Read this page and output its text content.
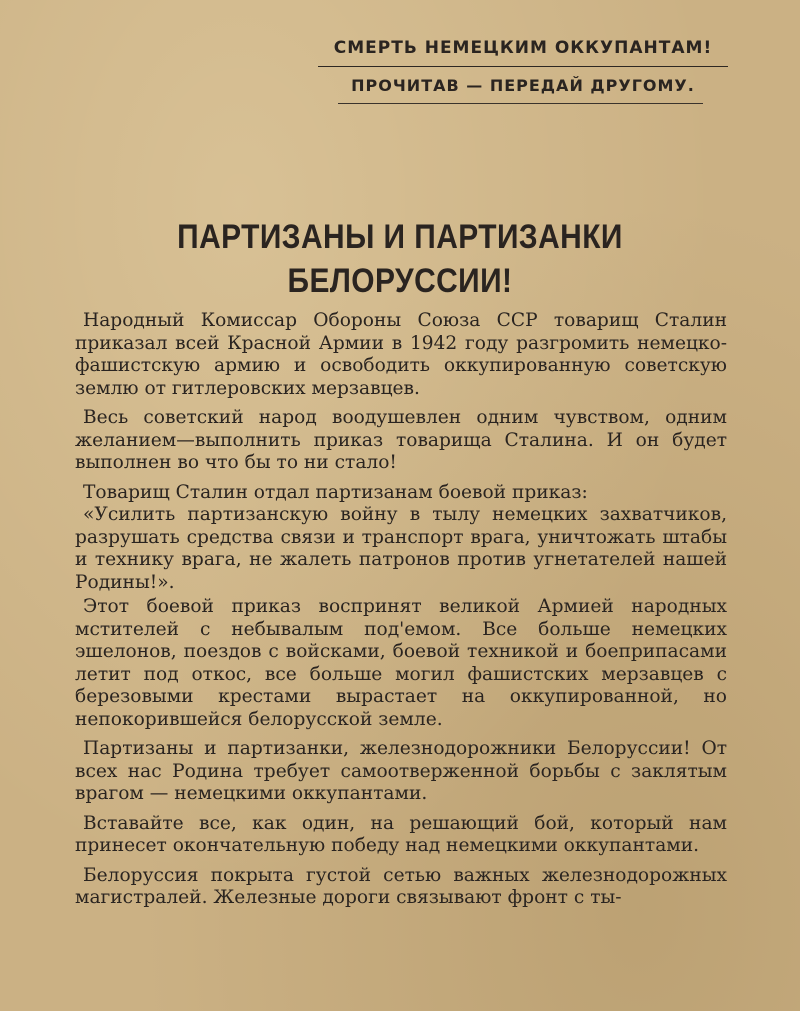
СМЕРТЬ НЕМЕЦКИМ ОККУПАНТАМ!
ПРОЧИТАВ — ПЕРЕДАЙ ДРУГОМУ.
ПАРТИЗАНЫ И ПАРТИЗАНКИ
БЕЛОРУССИИ!

Народный Комиссар Обороны Союза ССР товарищ Сталин приказал всей Красной Армии в 1942 году разгромить немецко-фашистскую армию и освободить оккупированную советскую землю от гитлеровских мерзавцев.

Весь советский народ воодушевлен одним чувством, одним желанием—выполнить приказ товарища Сталина. И он будет выполнен во что бы то ни стало!

Товарищ Сталин отдал партизанам боевой приказ:

«Усилить партизанскую войну в тылу немецких захватчиков, разрушать средства связи и транспорт врага, уничтожать штабы и технику врага, не жалеть патронов против угнетателей нашей Родины!».

Этот боевой приказ воспринят великой Армией народных мстителей с небывалым под'емом. Все больше немецких эшелонов, поездов с войсками, боевой техникой и боеприпасами летит под откос, все больше могил фашистских мерзавцев с березовыми крестами вырастает на оккупированной, но непокорившейся белорусской земле.

Партизаны и партизанки, железнодорожники Белоруссии! От всех нас Родина требует самоотверженной борьбы с заклятым врагом — немецкими оккупантами.

Вставайте все, как один, на решающий бой, который нам принесет окончательную победу над немецкими оккупантами.

Белоруссия покрыта густой сетью важных железнодорожных магистралей. Железные дороги связывают фронт с ты-
